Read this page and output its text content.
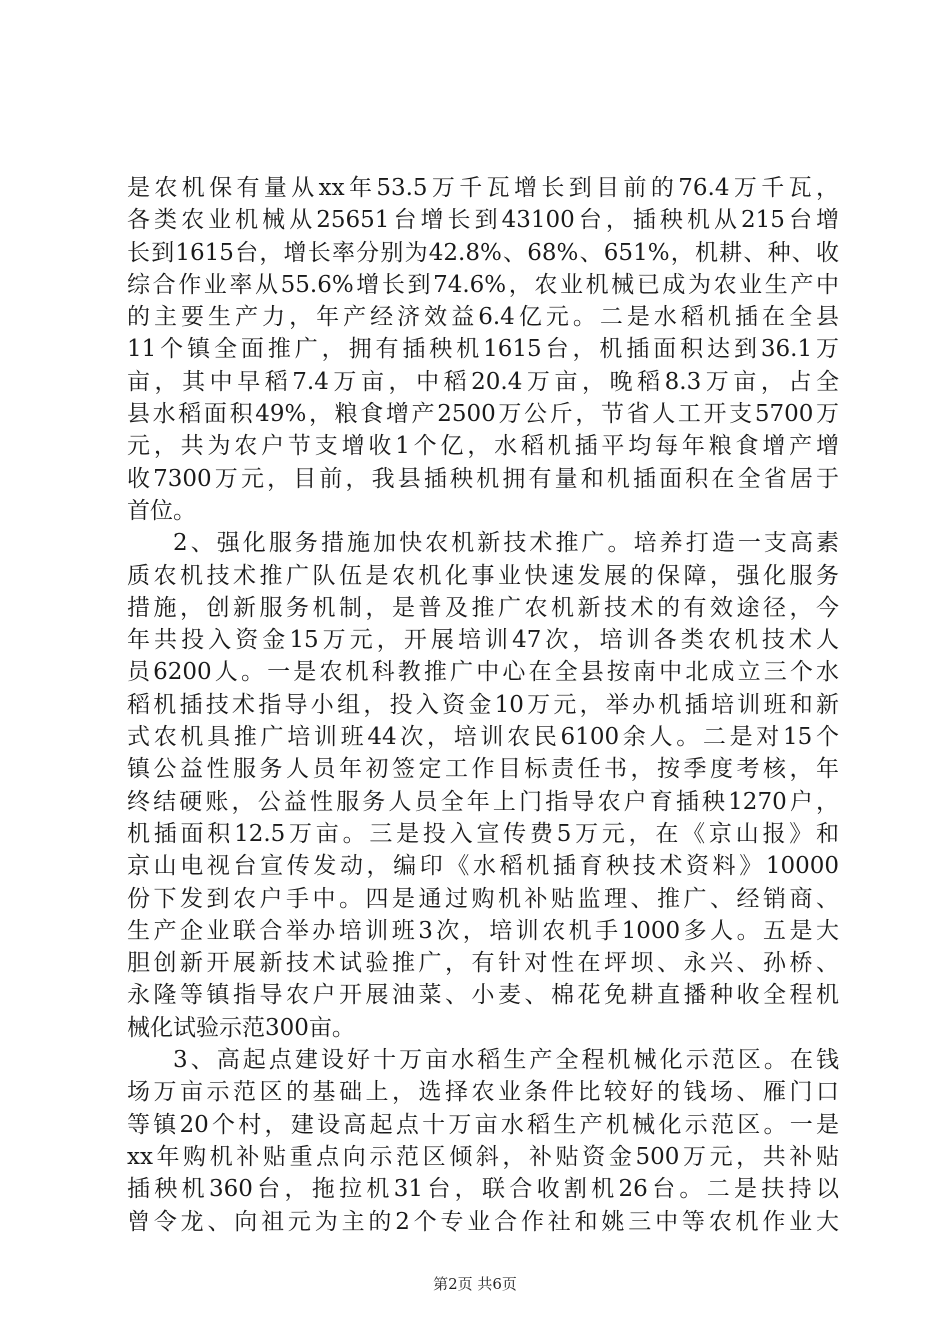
是农机保有量从xx年53.5万千瓦增长到目前的76.4万千瓦，
各类农业机械从25651台增长到43100台，插秧机从215台增
长到1615台，增长率分别为42.8%、68%、651%，机耕、种、收
综合作业率从55.6%增长到74.6%，农业机械已成为农业生产中
的主要生产力，年产经济效益6.4亿元。二是水稻机插在全县
11个镇全面推广，拥有插秧机1615台，机插面积达到36.1万
亩，其中早稻7.4万亩，中稻20.4万亩，晚稻8.3万亩，占全
县水稻面积49%，粮食增产2500万公斤，节省人工开支5700万
元，共为农户节支增收1个亿，水稻机插平均每年粮食增产增
收7300万元，目前，我县插秧机拥有量和机插面积在全省居于
首位。
2、强化服务措施加快农机新技术推广。培养打造一支高素
质农机技术推广队伍是农机化事业快速发展的保障，强化服务
措施，创新服务机制，是普及推广农机新技术的有效途径，今
年共投入资金15万元，开展培训47次，培训各类农机技术人
员6200人。一是农机科教推广中心在全县按南中北成立三个水
稻机插技术指导小组，投入资金10万元，举办机插培训班和新
式农机具推广培训班44次，培训农民6100余人。二是对15个
镇公益性服务人员年初签定工作目标责任书，按季度考核，年
终结硬账，公益性服务人员全年上门指导农户育插秧1270户，
机插面积12.5万亩。三是投入宣传费5万元，在《京山报》和
京山电视台宣传发动，编印《水稻机插育秧技术资料》10000
份下发到农户手中。四是通过购机补贴监理、推广、经销商、
生产企业联合举办培训班3次，培训农机手1000多人。五是大
胆创新开展新技术试验推广，有针对性在坪坝、永兴、孙桥、
永隆等镇指导农户开展油菜、小麦、棉花免耕直播种收全程机
械化试验示范300亩。
3、高起点建设好十万亩水稻生产全程机械化示范区。在钱
场万亩示范区的基础上，选择农业条件比较好的钱场、雁门口
等镇20个村，建设高起点十万亩水稻生产机械化示范区。一是
xx年购机补贴重点向示范区倾斜，补贴资金500万元，共补贴
插秧机360台，拖拉机31台，联合收割机26台。二是扶持以
曾令龙、向祖元为主的2个专业合作社和姚三中等农机作业大
第2页 共6页
